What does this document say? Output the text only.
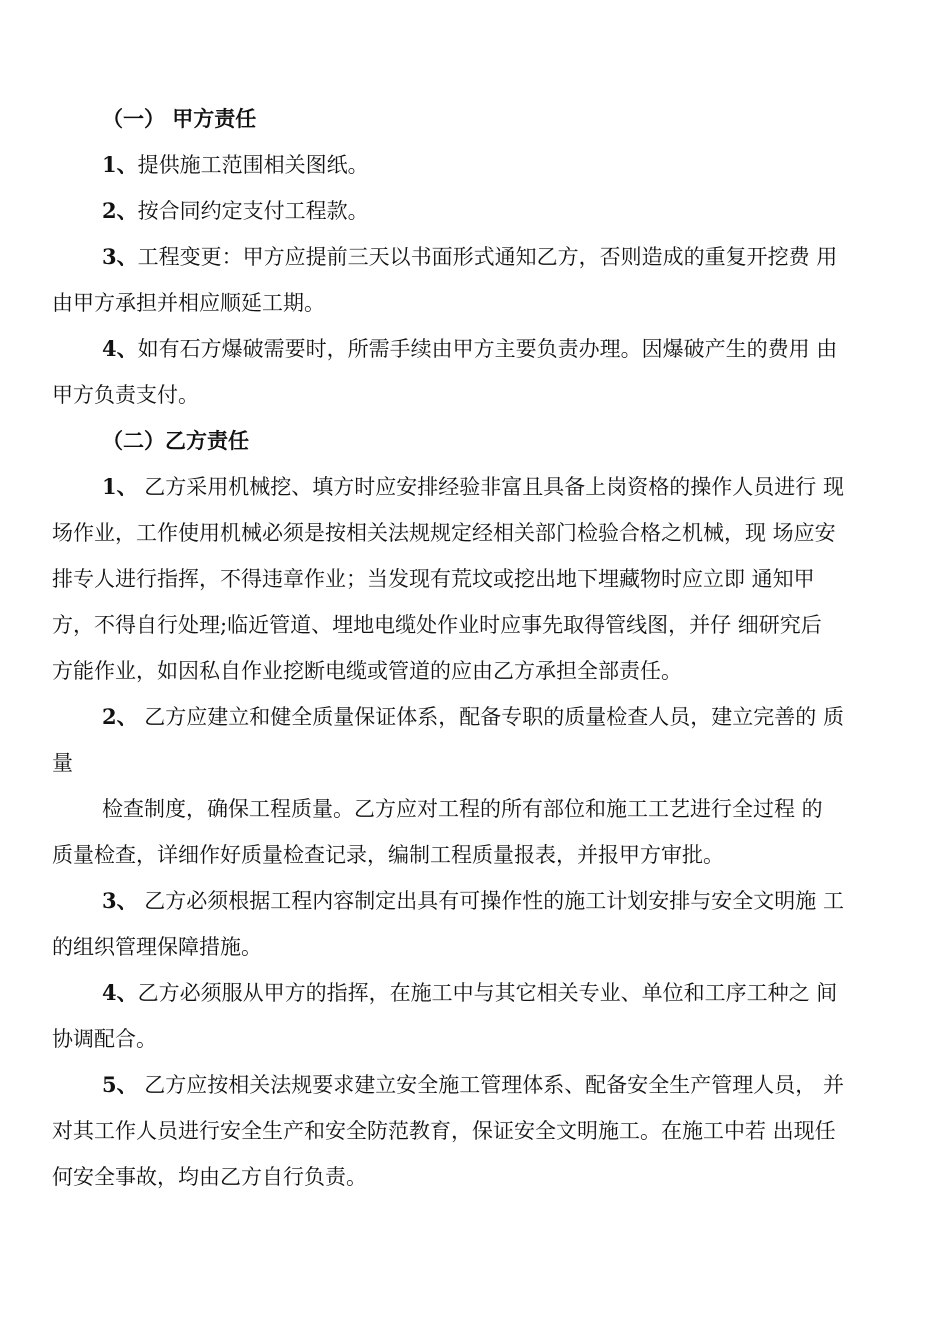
（一） 甲方责任

1、提供施工范围相关图纸。

2、按合同约定支付工程款。

3、工程变更：甲方应提前三天以书面形式通知乙方，否则造成的重复开挖费 用

由甲方承担并相应顺延工期。

4、如有石方爆破需要时，所需手续由甲方主要负责办理。因爆破产生的费用 由

甲方负责支付。

（二）乙方责任

1、 乙方采用机械挖、填方时应安排经验非富且具备上岗资格的操作人员进行 现

场作业，工作使用机械必须是按相关法规规定经相关部门检验合格之机械，现 场应安

排专人进行指挥，不得违章作业；当发现有荒坟或挖出地下埋藏物时应立即 通知甲

方，不得自行处理;临近管道、埋地电缆处作业时应事先取得管线图，并仔 细研究后

方能作业，如因私自作业挖断电缆或管道的应由乙方承担全部责任。

2、 乙方应建立和健全质量保证体系，配备专职的质量检查人员，建立完善的 质

量

检查制度，确保工程质量。乙方应对工程的所有部位和施工工艺进行全过程 的

质量检查，详细作好质量检查记录，编制工程质量报表，并报甲方审批。

3、 乙方必须根据工程内容制定出具有可操作性的施工计划安排与安全文明施 工

的组织管理保障措施。

4、乙方必须服从甲方的指挥，在施工中与其它相关专业、单位和工序工种之 间

协调配合。

5、 乙方应按相关法规要求建立安全施工管理体系、配备安全生产管理人员， 并

对其工作人员进行安全生产和安全防范教育，保证安全文明施工。在施工中若 出现任

何安全事故，均由乙方自行负责。
